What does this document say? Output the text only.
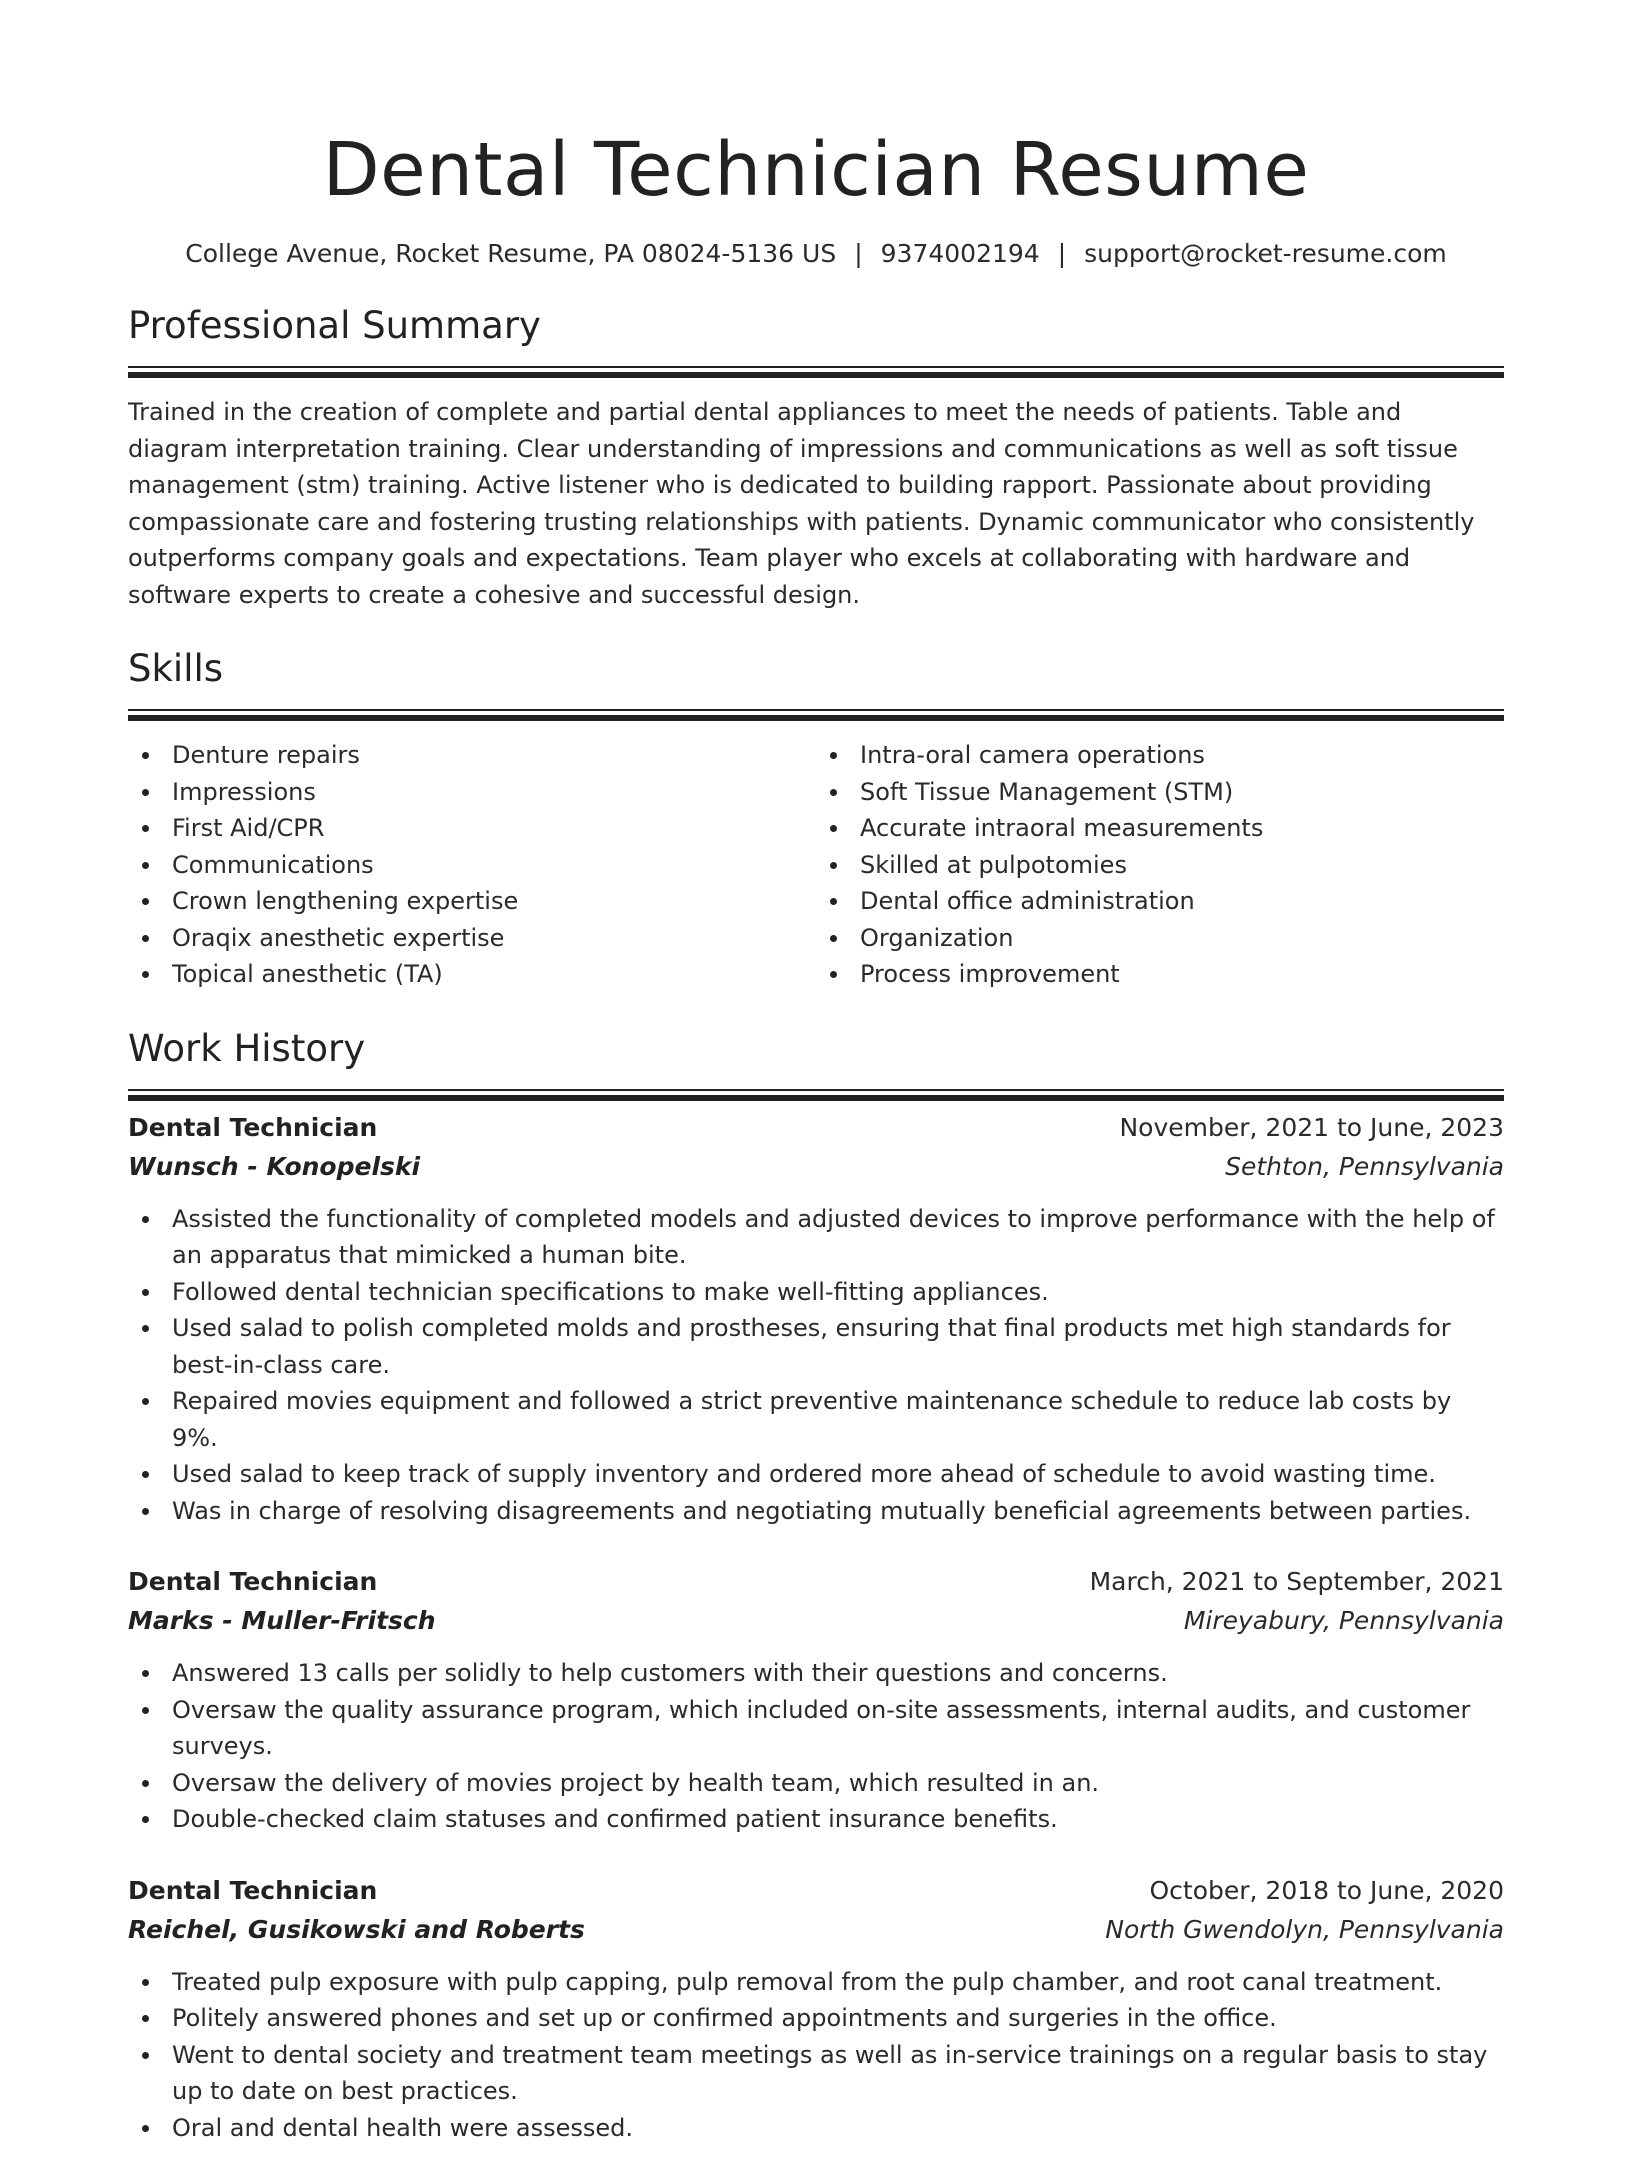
Dental Technician Resume
College Avenue, Rocket Resume, PA 08024-5136 US | 9374002194 | support@rocket-resume.com
Professional Summary

Trained in the creation of complete and partial dental appliances to meet the needs of patients. Table and diagram interpretation training. Clear understanding of impressions and communications as well as soft tissue management (stm) training. Active listener who is dedicated to building rapport. Passionate about providing compassionate care and fostering trusting relationships with patients. Dynamic communicator who consistently outperforms company goals and expectations. Team player who excels at collaborating with hardware and software experts to create a cohesive and successful design.

Skills
Denture repairs
Impressions
First Aid/CPR
Communications
Crown lengthening expertise
Oraqix anesthetic expertise
Topical anesthetic (TA)
Intra-oral camera operations
Soft Tissue Management (STM)
Accurate intraoral measurements
Skilled at pulpotomies
Dental office administration
Organization
Process improvement
Work History
Dental Technician	November, 2021 to June, 2023
Wunsch - Konopelski	Sethton, Pennsylvania
Assisted the functionality of completed models and adjusted devices to improve performance with the help of an apparatus that mimicked a human bite.
Followed dental technician specifications to make well-fitting appliances.
Used salad to polish completed molds and prostheses, ensuring that final products met high standards for best-in-class care.
Repaired movies equipment and followed a strict preventive maintenance schedule to reduce lab costs by 9%.
Used salad to keep track of supply inventory and ordered more ahead of schedule to avoid wasting time.
Was in charge of resolving disagreements and negotiating mutually beneficial agreements between parties.
Dental Technician	March, 2021 to September, 2021
Marks - Muller-Fritsch	Mireyabury, Pennsylvania
Answered 13 calls per solidly to help customers with their questions and concerns.
Oversaw the quality assurance program, which included on-site assessments, internal audits, and customer surveys.
Oversaw the delivery of movies project by health team, which resulted in an.
Double-checked claim statuses and confirmed patient insurance benefits.
Dental Technician	October, 2018 to June, 2020
Reichel, Gusikowski and Roberts	North Gwendolyn, Pennsylvania
Treated pulp exposure with pulp capping, pulp removal from the pulp chamber, and root canal treatment.
Politely answered phones and set up or confirmed appointments and surgeries in the office.
Went to dental society and treatment team meetings as well as in-service trainings on a regular basis to stay up to date on best practices.
Oral and dental health were assessed.
